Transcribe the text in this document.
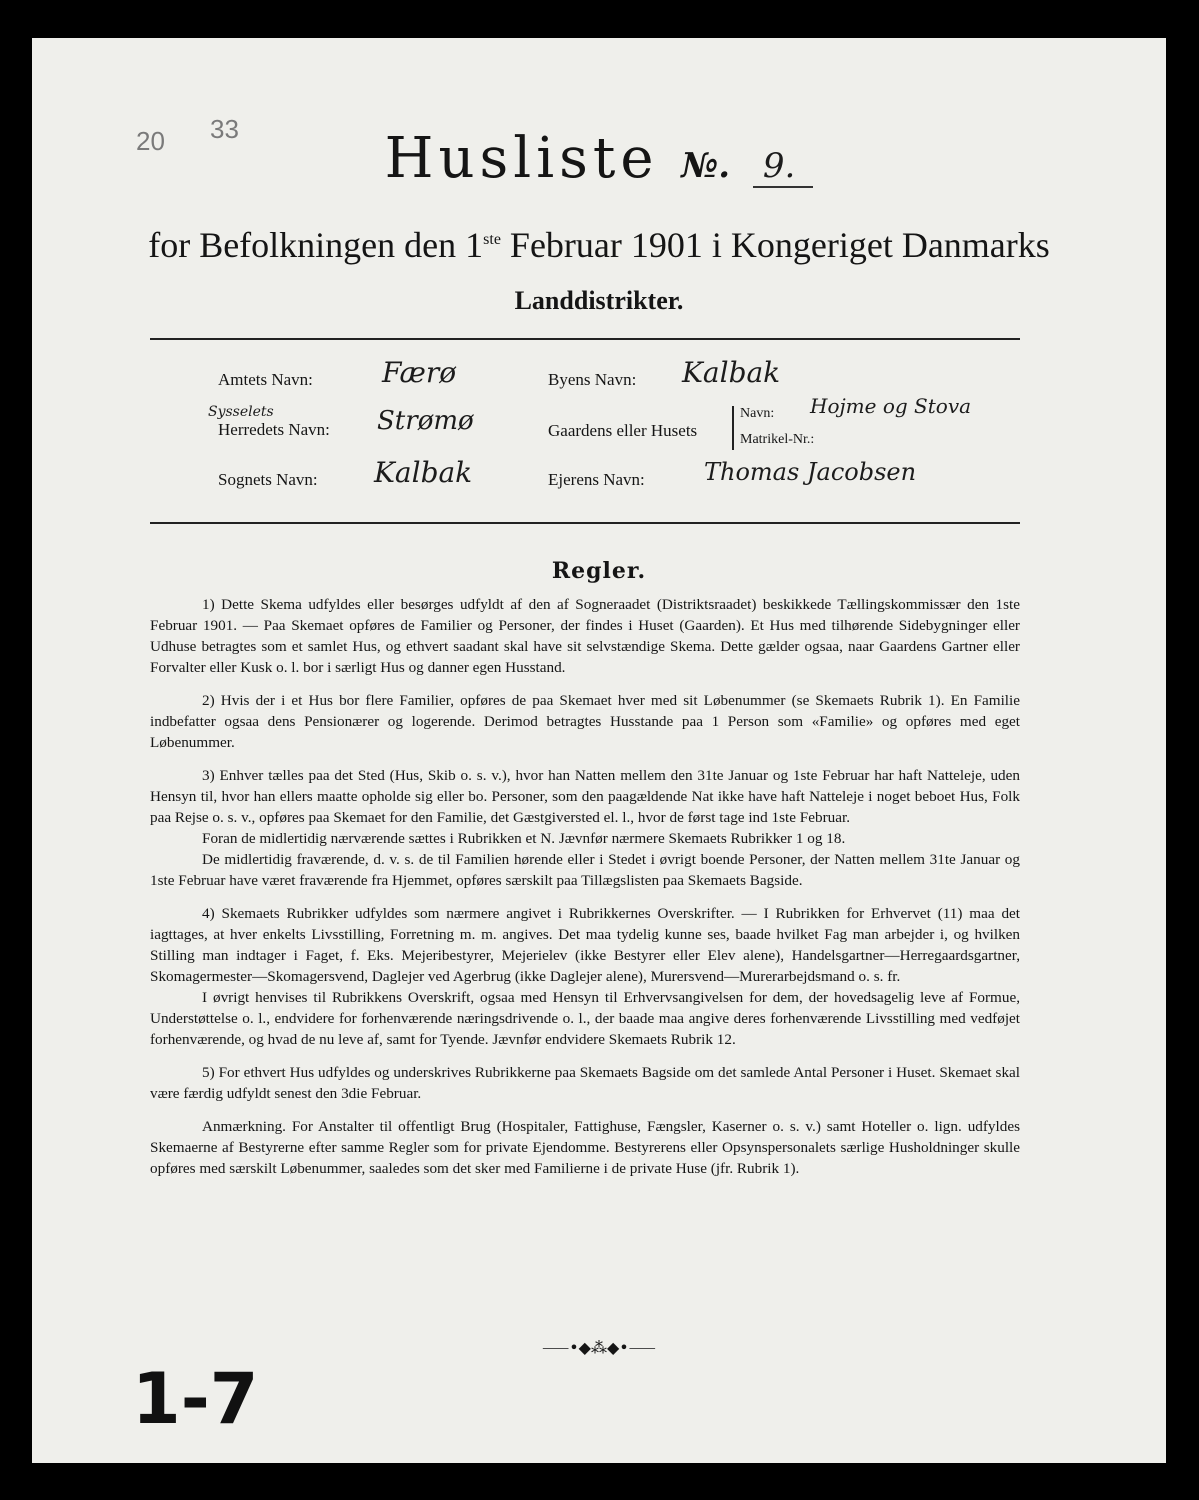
20 33	Husliste №. 9.
for Befolkningen den 1ste Februar 1901 i Kongeriget Danmarks
Landdistrikter.
Amtets Navn: Færø
Sysselets
Herredets Navn: Strømø
Sognets Navn: Kalbak
Byens Navn: Kalbak
Gaardens eller Husets
Navn: Hojme og Stova
Matrikel-Nr.:
Ejerens Navn: Thomas Jacobsen
Regler.

1) Dette Skema udfyldes eller besørges udfyldt af den af Sogneraadet (Distriktsraadet) beskikkede Tællingskommissær den 1ste Februar 1901. — Paa Skemaet opføres de Familier og Personer, der findes i Huset (Gaarden). Et Hus med tilhørende Sidebygninger eller Udhuse betragtes som et samlet Hus, og ethvert saadant skal have sit selvstændige Skema. Dette gælder ogsaa, naar Gaardens Gartner eller Forvalter eller Kusk o. l. bor i særligt Hus og danner egen Husstand.

2) Hvis der i et Hus bor flere Familier, opføres de paa Skemaet hver med sit Løbenummer (se Skemaets Rubrik 1). En Familie indbefatter ogsaa dens Pensionærer og logerende. Derimod betragtes Husstande paa 1 Person som «Familie» og opføres med eget Løbenummer.

3) Enhver tælles paa det Sted (Hus, Skib o. s. v.), hvor han Natten mellem den 31te Januar og 1ste Februar har haft Natteleje, uden Hensyn til, hvor han ellers maatte opholde sig eller bo. Personer, som den paagældende Nat ikke have haft Natteleje i noget beboet Hus, Folk paa Rejse o. s. v., opføres paa Skemaet for den Familie, det Gæstgiversted el. l., hvor de først tage ind 1ste Februar.

Foran de midlertidig nærværende sættes i Rubrikken et N. Jævnfør nærmere Skemaets Rubrikker 1 og 18.

De midlertidig fraværende, d. v. s. de til Familien hørende eller i Stedet i øvrigt boende Personer, der Natten mellem 31te Januar og 1ste Februar have været fraværende fra Hjemmet, opføres særskilt paa Tillægslisten paa Skemaets Bagside.

4) Skemaets Rubrikker udfyldes som nærmere angivet i Rubrikkernes Overskrifter. — I Rubrikken for Erhvervet (11) maa det iagttages, at hver enkelts Livsstilling, Forretning m. m. angives. Det maa tydelig kunne ses, baade hvilket Fag man arbejder i, og hvilken Stilling man indtager i Faget, f. Eks. Mejeribestyrer, Mejerielev (ikke Bestyrer eller Elev alene), Handelsgartner—Herregaardsgartner, Skomagermester—Skomagersvend, Daglejer ved Agerbrug (ikke Daglejer alene), Murersvend—Murerarbejdsmand o. s. fr.

I øvrigt henvises til Rubrikkens Overskrift, ogsaa med Hensyn til Erhvervsangivelsen for dem, der hovedsagelig leve af Formue, Understøttelse o. l., endvidere for forhenværende næringsdrivende o. l., der baade maa angive deres forhenværende Livsstilling med vedføjet forhenværende, og hvad de nu leve af, samt for Tyende. Jævnfør endvidere Skemaets Rubrik 12.

5) For ethvert Hus udfyldes og underskrives Rubrikkerne paa Skemaets Bagside om det samlede Antal Personer i Huset. Skemaet skal være færdig udfyldt senest den 3die Februar.

Anmærkning. For Anstalter til offentligt Brug (Hospitaler, Fattighuse, Fængsler, Kaserner o. s. v.) samt Hoteller o. lign. udfyldes Skemaerne af Bestyrerne efter samme Regler som for private Ejendomme. Bestyrerens eller Opsynspersonalets særlige Husholdninger skulle opføres med særskilt Løbenummer, saaledes som det sker med Familierne i de private Huse (jfr. Rubrik 1).

⸺•◆⁂◆•⸺
1-7
